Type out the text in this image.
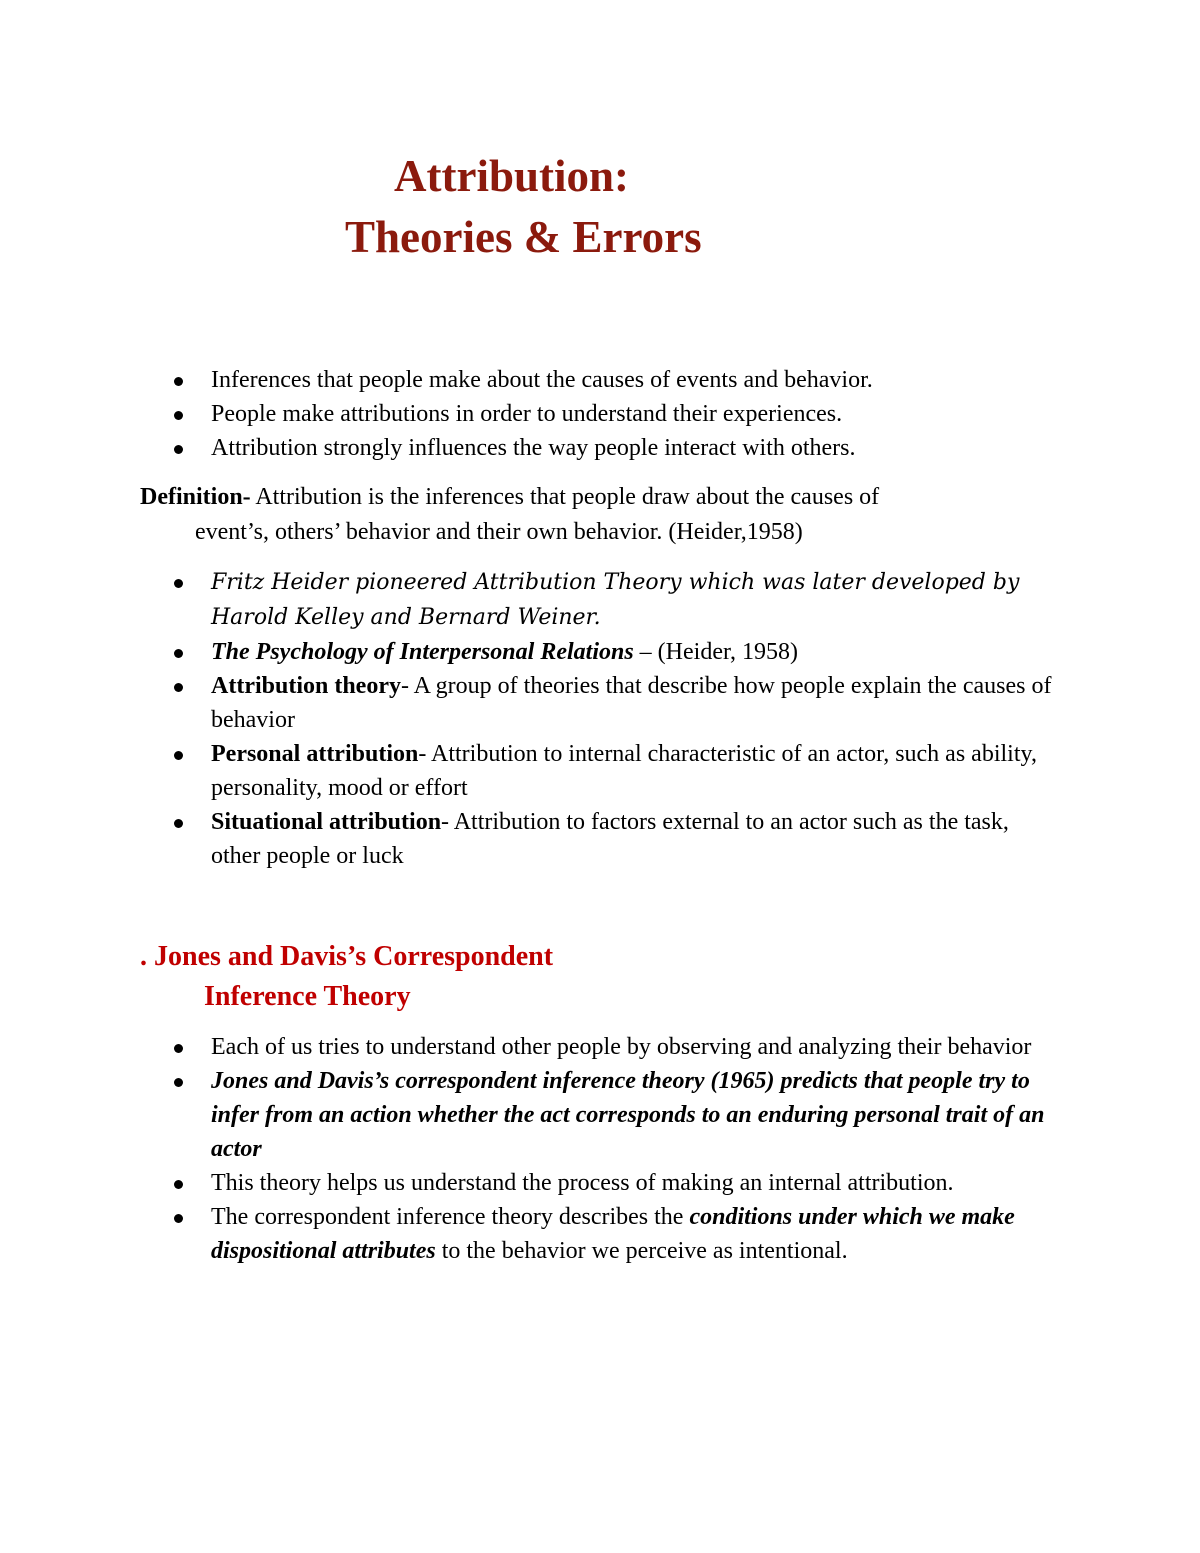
Attribution:
Theories & Errors
Inferences that people make about the causes of events and behavior.
People make attributions in order to understand their experiences.
Attribution strongly influences the way people interact with others.
Definition- Attribution is the inferences that people draw about the causes of
event’s, others’ behavior and their own behavior. (Heider,1958)
Fritz Heider pioneered Attribution Theory which was later developed by Harold Kelley and Bernard Weiner.
The Psychology of Interpersonal Relations – (Heider, 1958)
Attribution theory- A group of theories that describe how people explain the causes of behavior
Personal attribution- Attribution to internal characteristic of an actor, such as ability, personality, mood or effort
Situational attribution- Attribution to factors external to an actor such as the task, other people or luck
. Jones and Davis’s Correspondent
Inference Theory
Each of us tries to understand other people by observing and analyzing their behavior
Jones and Davis’s correspondent inference theory (1965) predicts that people try to infer from an action whether the act corresponds to an enduring personal trait of an actor
This theory helps us understand the process of making an internal attribution.
The correspondent inference theory describes the conditions under which we make dispositional attributes to the behavior we perceive as intentional.
